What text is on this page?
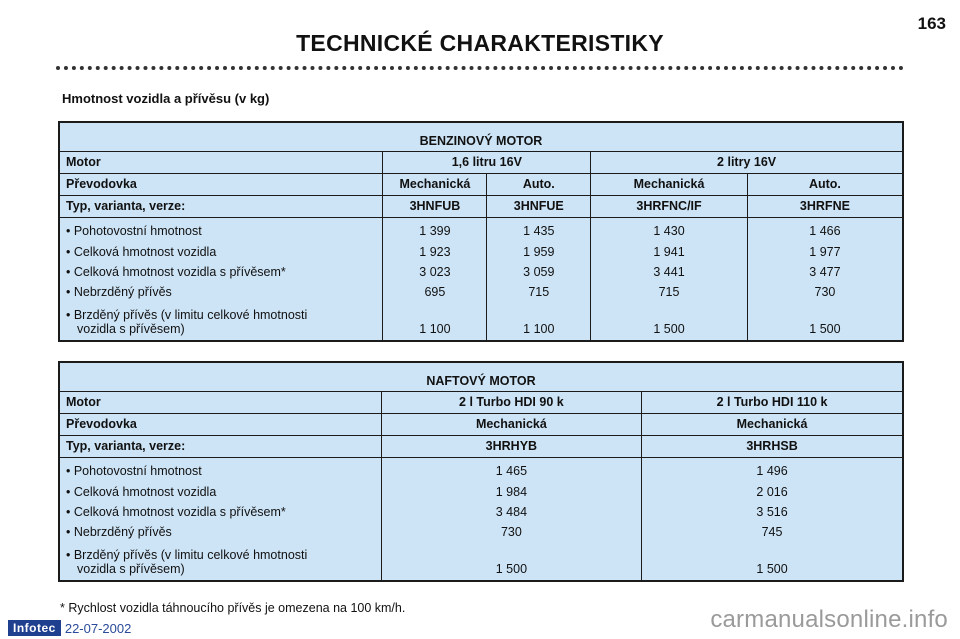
163
TECHNICKÉ CHARAKTERISTIKY
Hmotnost vozidla a přívěsu (v kg)
BENZINOVÝ MOTOR				
Motor	1,6 litru 16V		2 litry 16V	
Převodovka	Mechanická	Auto.	Mechanická	Auto.
Typ, varianta, verze:	3HNFUB	3HNFUE	3HRFNC/IF	3HRFNE
• Pohotovostní hmotnost	1 399	1 435	1 430	1 466
• Celková hmotnost vozidla	1 923	1 959	1 941	1 977
• Celková hmotnost vozidla s přívěsem*	3 023	3 059	3 441	3 477
• Nebrzděný přívěs	695	715	715	730
• Brzděný přívěs (v limitu celkové hmotnosti
vozidla s přívěsem)	1 100	1 100	1 500	1 500
NAFTOVÝ MOTOR		
Motor	2 l Turbo HDI 90 k	2 l Turbo HDI 110 k
Převodovka	Mechanická	Mechanická
Typ, varianta, verze:	3HRHYB	3HRHSB
• Pohotovostní hmotnost	1 465	1 496
• Celková hmotnost vozidla	1 984	2 016
• Celková hmotnost vozidla s přívěsem*	3 484	3 516
• Nebrzděný přívěs	730	745
• Brzděný přívěs (v limitu celkové hmotnosti
vozidla s přívěsem)	1 500	1 500
* Rychlost vozidla táhnoucího přívěs je omezena na 100 km/h.
Infotec 22-07-2002	carmanualsonline.info
